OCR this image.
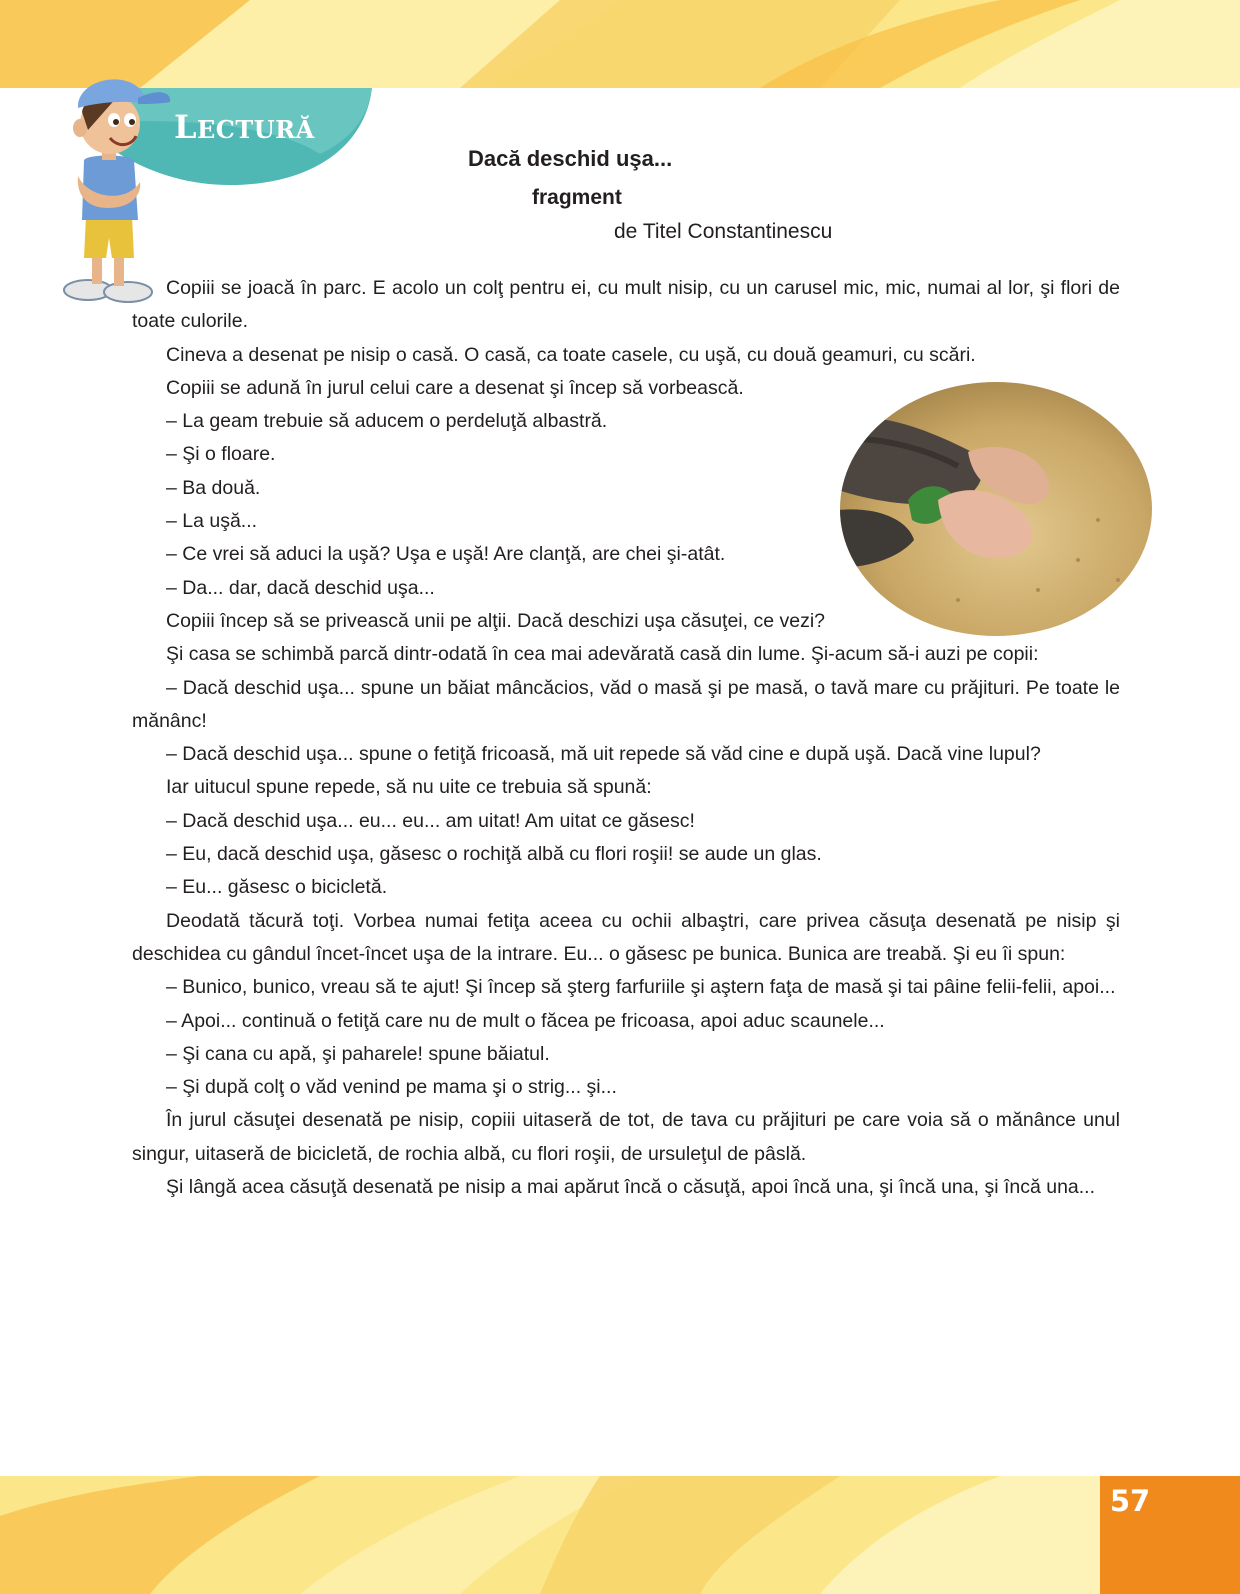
LECTURĂ
Dacă deschid uşa...
fragment
de Titel Constantinescu

Copiii se joacă în parc. E acolo un colţ pentru ei, cu mult nisip, cu un carusel mic, mic, numai al lor, şi flori de toate culorile.

Cineva a desenat pe nisip o casă. O casă, ca toate casele, cu uşă, cu două geamuri, cu scări.

Copiii se adună în jurul celui care a desenat şi încep să vorbească.

– La geam trebuie să aducem o perdeluţă albastră.

– Şi o floare.

– Ba două.

– La uşă...

– Ce vrei să aduci la uşă? Uşa e uşă! Are clanţă, are chei şi-atât.

– Da... dar, dacă deschid uşa...

Copiii încep să se privească unii pe alţii. Dacă deschizi uşa căsuţei, ce vezi?

Şi casa se schimbă parcă dintr-odată în cea mai adevărată casă din lume. Şi-acum să-i auzi pe copii:

– Dacă deschid uşa... spune un băiat mâncăcios, văd o masă şi pe masă, o tavă mare cu prăjituri. Pe toate le mănânc!

– Dacă deschid uşa... spune o fetiţă fricoasă, mă uit repede să văd cine e după uşă. Dacă vine lupul?

Iar uitucul spune repede, să nu uite ce trebuia să spună:

– Dacă deschid uşa... eu... eu... am uitat! Am uitat ce găsesc!

– Eu, dacă deschid uşa, găsesc o rochiţă albă cu flori roşii! se aude un glas.

– Eu... găsesc o bicicletă.

Deodată tăcură toţi. Vorbea numai fetiţa aceea cu ochii albaştri, care privea căsuţa desenată pe nisip şi deschidea cu gândul încet-încet uşa de la intrare. Eu... o găsesc pe bunica. Bunica are treabă. Şi eu îi spun:

– Bunico, bunico, vreau să te ajut! Şi încep să şterg farfuriile şi aştern faţa de masă şi tai pâine felii-felii, apoi...

– Apoi... continuă o fetiţă care nu de mult o făcea pe fricoasa, apoi aduc scaunele...

– Şi cana cu apă, şi paharele! spune băiatul.

– Şi după colţ o văd venind pe mama şi o strig... şi...

În jurul căsuţei desenată pe nisip, copiii uitaseră de tot, de tava cu prăjituri pe care voia să o mănânce unul singur, uitaseră de bicicletă, de rochia albă, cu flori roşii, de ursuleţul de pâslă.

Şi lângă acea căsuţă desenată pe nisip a mai apărut încă o căsuţă, apoi încă una, şi încă una, şi încă una...

57
